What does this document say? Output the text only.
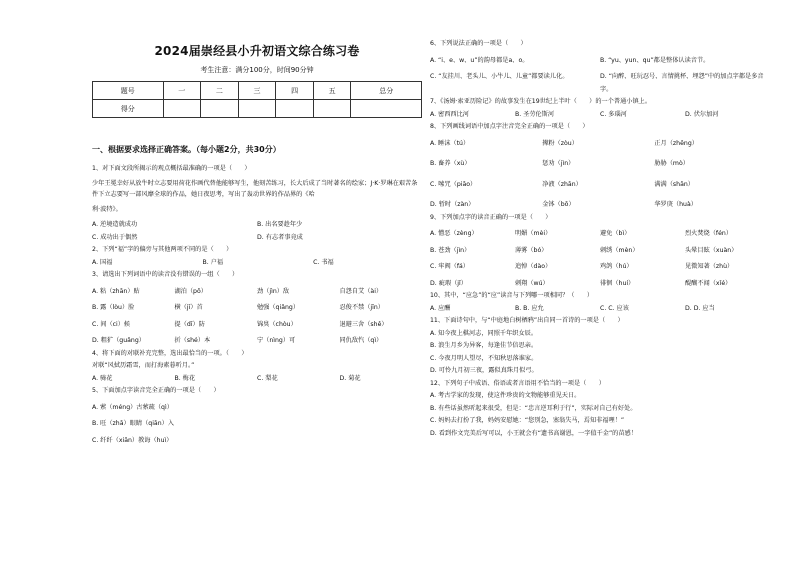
2024届崇经县小升初语文综合练习卷
考生注意：满分100分，时间90分钟
题号	一	二	三	四	五	总分
得分						
一、根据要求选择正确答案。（每小题2分，共30分）
1、对下面文段所揭示的观点概括最准确的一项是（　　）
少年王冕幸好从放牛时立志要用荷花作画代替他能够写生，他刻苦练习，长大后成了当时著名的绘家；J·K·罗琳在艰苦条件下立志要写一部风靡全球的作品，她日夜思考，写出了轰动世界的作品界的《哈
利·波特》。
A. 逆境造就成功	B. 出名要趁年少
C. 成功出于偶然	D. 有志者事竟成
2、下列“福”字的偏旁与其他两项不同的是（　　）
A. 国福	B. 户福	C. 书福
3、请选出下列词语中的读音没有错误的一组（　　）
A. 粘（zhān）贴	湖泊（pō）	劲（jìn）敌	自怨自艾（ài）
B. 露（lòu）脸	横（jī）首	勉强（qiǎng）	忍俊不禁（jīn）
C. 间（ci）候	提（dī）防	锦臭（chòu）	退避三舍（shě）
D. 粗犷（guǎng）	折（shé）本	宁（nìng）可	同仇敌忾（qì）
4、将下面的对联补充完整，选出最恰当的一项。（　　）
对联“风拭历霜雪，而打海素暮听月。”
A. 骑花	B. 梅花	C. 梨花	D. 菊花
5、下面加点字读音完全正确的一项是（　　）
A. 萦（méng）古萦疏（qì）
B. 旺（zhā）眼睛（qiān）入
C. 纤纤（xiān）教诲（huì）
6、下列说法正确的一项是（　　）
A. “i、e、w、u”的韵母都是a、o。	B. “yu、yun、qu”都是整体认读音节。
C. “友挂川、老头儿、小牛儿、儿童”都要读儿化。	D. “向醉、旺玩忍号、言情挑杯、埋怨”中的加点字都是多音字。
7、《汤姆·索亚历险记》的故事发生在19世纪上半叶（　　）的一个普通小镇上。
A. 密西西比河	B. 圣劳伦斯河	C. 多瑙河	D. 伏尔加河
8、下列画线词语中加点字注音完全正确的一项是（　　）
A. 睡沫（tú）	撵粉（zòu）	正月（zhēng）
B. 畜养（xù）	惩劝（jìn）	胁胁（mò）
C. 嗦咒（piāo）	净液（zhān）	满满（shān）
D. 暂时（zàn）	金钵（bō）	华罗庚（huà）
9、下列加点字的读音正确的一项是（　　）
A. 憎恶（zèng）	明媚（mèi）	避免（bì）	烈火焚烧（fén）
B. 苍劲（jìn）	薄雾（bó）	刺绣（mèn）	头晕目眩（xuàn）
C. 牢阀（fá）	追悼（dào）	鸡鸽（hú）	见微知著（zhù）
D. 疵瑕（jǐ）	刺翔（wú）	徘徊（huí）	醍醐不闻（xǐé）
10、其中，“应急”的“应”读音与下列哪一项相同？（　　）
A. 应酬	B. B. 应允	C. C. 应该	D. D. 应当
11、下面诗句中，与“中庭地白树栖鸦”出自同一首诗的一项是（　　）
A. 知今夜上棋河志，同照千年织女辰。
B. 浪生月乡为异客，每逢佳节倍思亲。
C. 今夜月明人望尽，不知秋思落谁家。
D. 可怜九月初三夜，露似真珠月似弓。
12、下列句子中成语、俗语或者言语用不恰当的一项是（　　）
A. 考古学家的发现，使这件珍贵的文物能够重见天日。
B. 有些话虽然听起来很受，但是：“忠言逆耳利于行”，实际对自己有好处。
C. 妈妈去打扮了我，妈妈安慰她：“您别急，塞翁失马，焉知非福哩！”
D. 看到作文完美后写可以，小王就会有“遗书高谢恩，一字值千金”的苗感！
